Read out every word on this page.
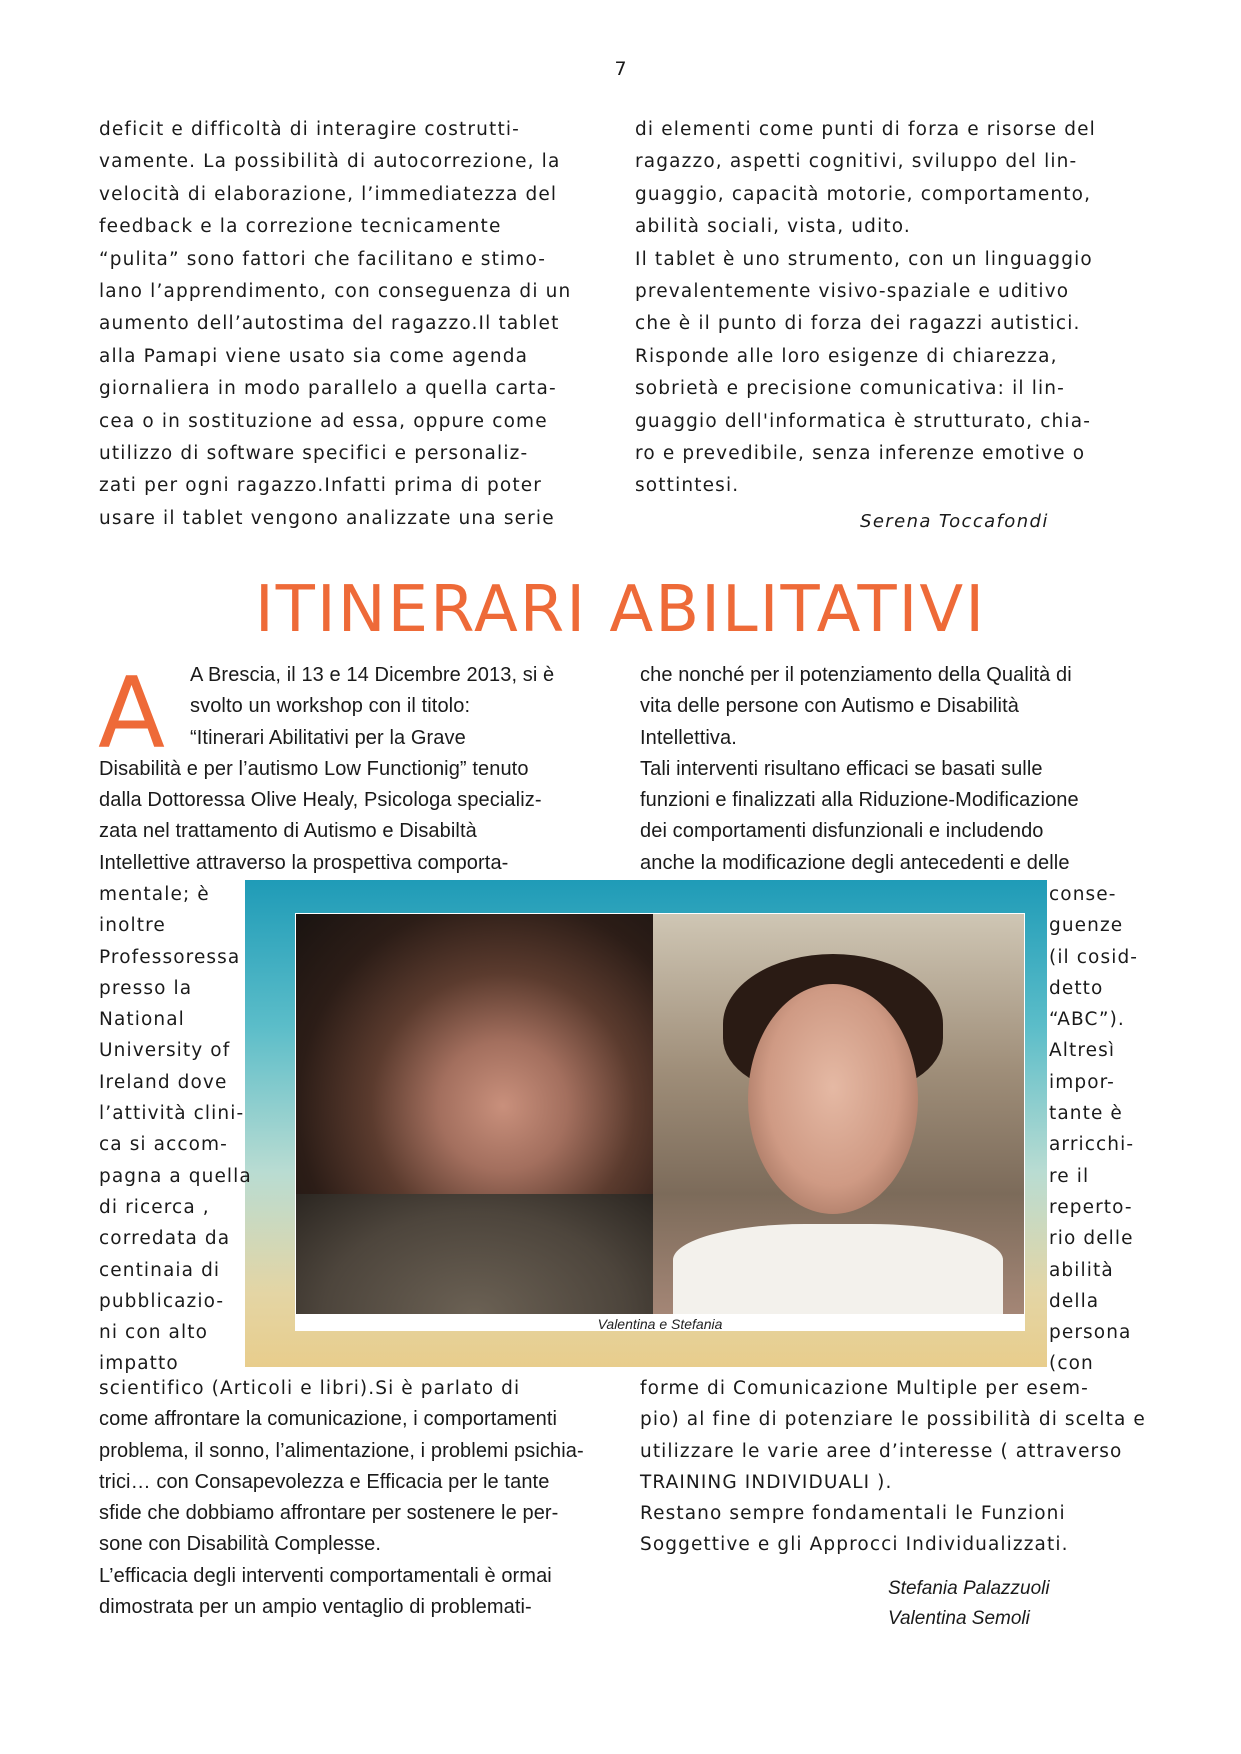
7
deficit e difficoltà di interagire costrutti-
vamente. La possibilità di autocorrezione, la
velocità di elaborazione, l’immediatezza del
feedback e la correzione tecnicamente
“pulita” sono fattori che facilitano e stimo-
lano l’apprendimento, con conseguenza di un
aumento dell’autostima del ragazzo.Il tablet
alla Pamapi viene usato sia come agenda
giornaliera in modo parallelo a quella carta-
cea o in sostituzione ad essa, oppure come
utilizzo di software specifici e personaliz-
zati per ogni ragazzo.Infatti prima di poter
usare il tablet vengono analizzate una serie
di elementi come punti di forza e risorse del
ragazzo, aspetti cognitivi, sviluppo del lin-
guaggio, capacità motorie, comportamento,
abilità sociali, vista, udito.
Il tablet è uno strumento, con un linguaggio
prevalentemente visivo-spaziale e uditivo
che è il punto di forza dei ragazzi autistici.
Risponde alle loro esigenze di chiarezza,
sobrietà e precisione comunicativa: il lin-
guaggio dell'informatica è strutturato, chia-
ro e prevedibile, senza inferenze emotive o
sottintesi.
Serena Toccafondi
ITINERARI ABILITATIVI
A	A Brescia, il 13 e 14 Dicembre 2013, si è
svolto un workshop con il titolo:
“Itinerari Abilitativi per la Grave
Disabilità e per l’autismo Low Functionig” tenuto
dalla Dottoressa Olive Healy, Psicologa specializ-
zata nel trattamento di Autismo e Disabiltà
Intellettive attraverso la prospettiva comporta-
che nonché per il potenziamento della Qualità di
vita delle persone con Autismo e Disabilità
Intellettiva.
Tali interventi risultano efficaci se basati sulle
funzioni e finalizzati alla Riduzione-Modificazione
dei comportamenti disfunzionali e includendo
anche la modificazione degli antecedenti e delle
Valentina e Stefania
mentale; è
inoltre
Professoressa
presso la
National
University of
Ireland dove
l’attività clini-
ca si accom-
pagna a quella
di ricerca ,
corredata da
centinaia di
pubblicazio-
ni con alto
impatto
conse-
guenze
(il cosid-
detto
“ABC”).
Altresì
impor-
tante è
arricchi-
re il
reperto-
rio delle
abilità
della
persona
(con
scientifico (Articoli e libri).Si è parlato di
come affrontare la comunicazione, i comportamenti
problema, il sonno, l’alimentazione, i problemi psichia-
trici… con Consapevolezza e Efficacia per le tante
sfide che dobbiamo affrontare per sostenere le per-
sone con Disabilità Complesse.
L’efficacia degli interventi comportamentali è ormai
dimostrata per un ampio ventaglio di problemati-
forme di Comunicazione Multiple per esem-
pio) al fine di potenziare le possibilità di scelta e
utilizzare le varie aree d’interesse ( attraverso
TRAINING INDIVIDUALI ).
Restano sempre fondamentali le Funzioni
Soggettive e gli Approcci Individualizzati.
Stefania Palazzuoli
Valentina Semoli
